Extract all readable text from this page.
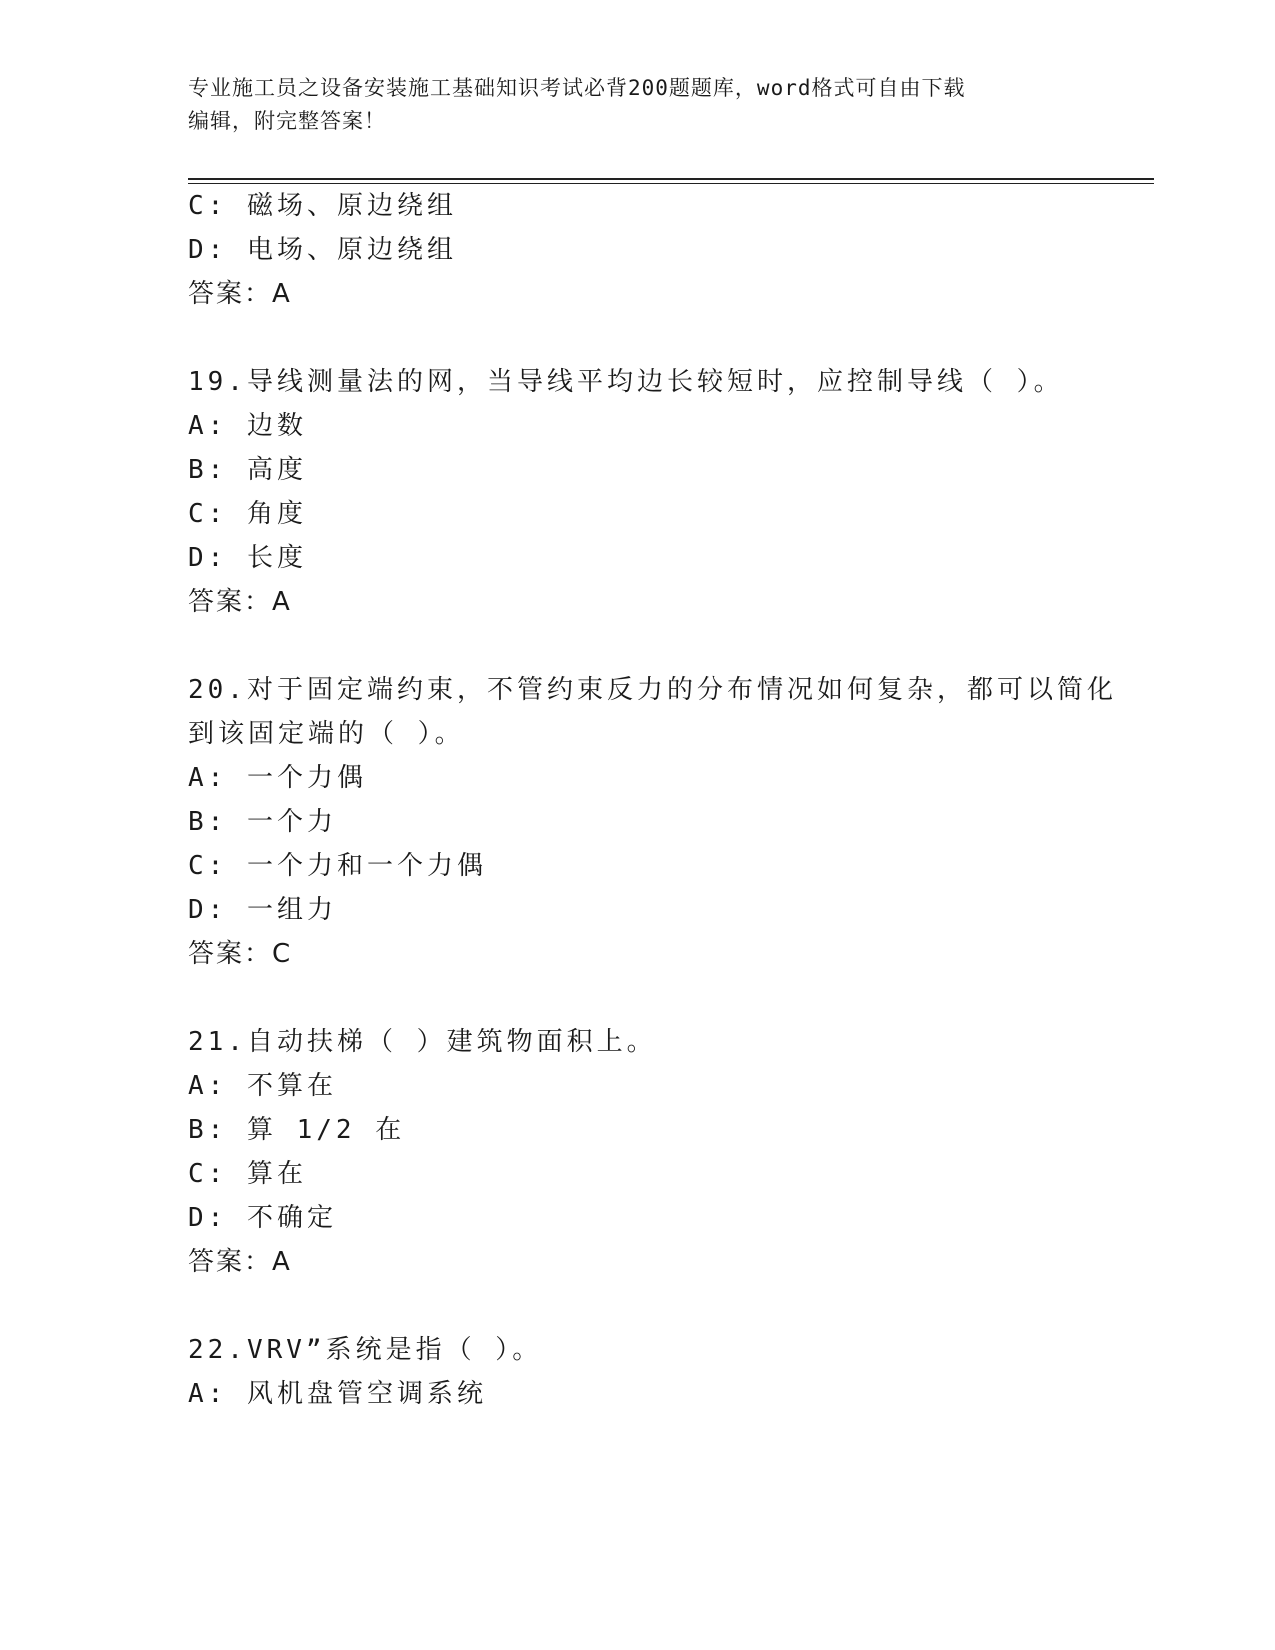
专业施工员之设备安装施工基础知识考试必背200题题库，word格式可自由下载
编辑，附完整答案！
C: 磁场、原边绕组
D: 电场、原边绕组
答案：A
19.导线测量法的网，当导线平均边长较短时，应控制导线（ ）。
A: 边数
B: 高度
C: 角度
D: 长度
答案：A
20.对于固定端约束，不管约束反力的分布情况如何复杂，都可以简化
到该固定端的（ ）。
A: 一个力偶
B: 一个力
C: 一个力和一个力偶
D: 一组力
答案：C
21.自动扶梯（ ）建筑物面积上。
A: 不算在
B: 算 1/2 在
C: 算在
D: 不确定
答案：A
22.VRV”系统是指（ ）。
A: 风机盘管空调系统
